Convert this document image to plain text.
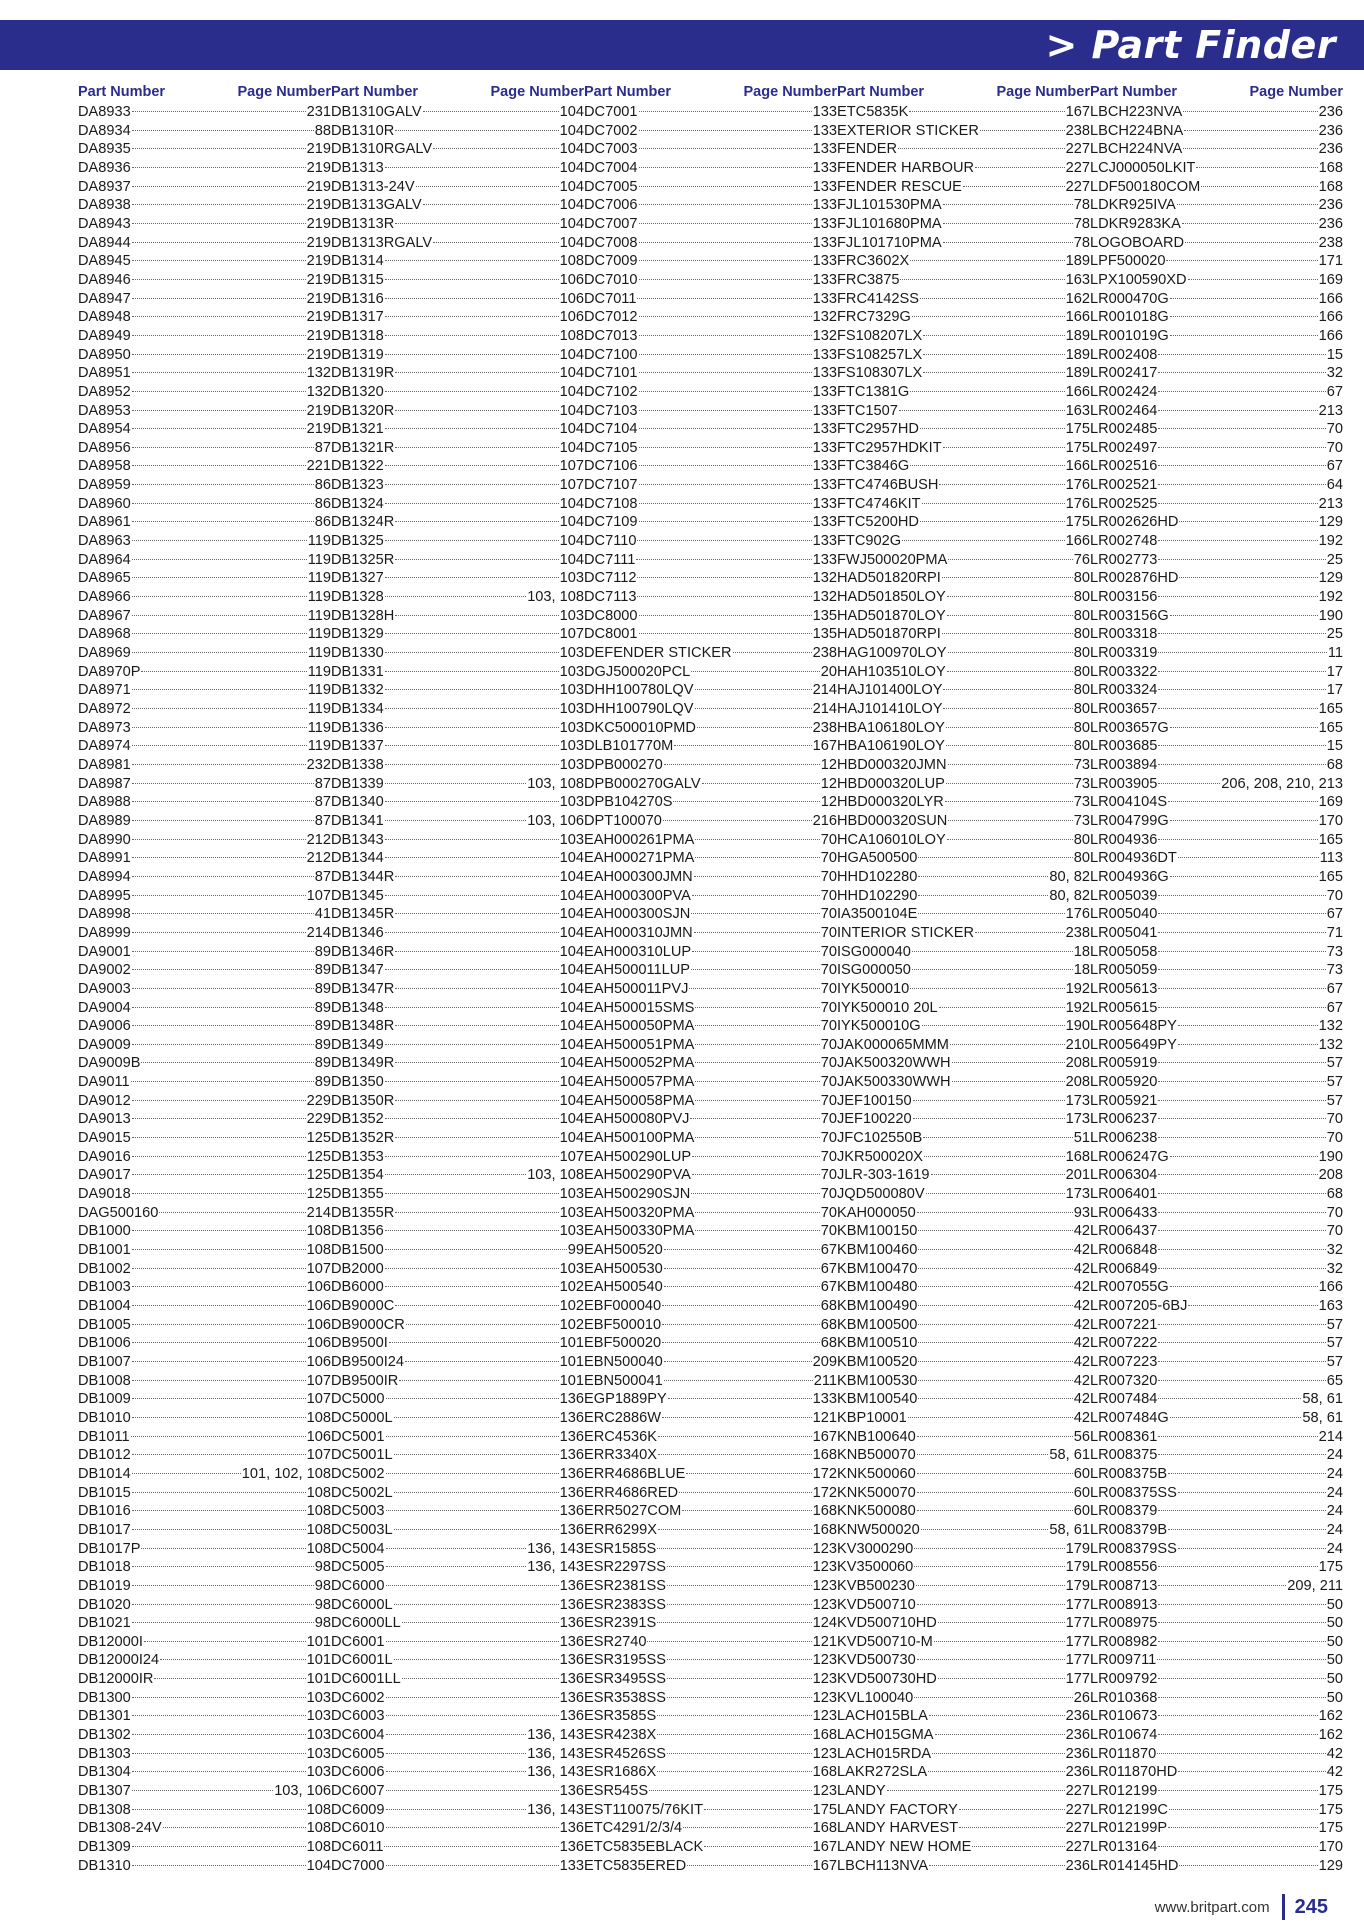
> Part Finder
Part Number	Page Number
DA8933	231
DA8934	88
DA8935	219
DA8936	219
DA8937	219
DA8938	219
DA8943	219
DA8944	219
DA8945	219
DA8946	219
DA8947	219
DA8948	219
DA8949	219
DA8950	219
DA8951	132
DA8952	132
DA8953	219
DA8954	219
DA8956	87
DA8958	221
DA8959	86
DA8960	86
DA8961	86
DA8963	119
DA8964	119
DA8965	119
DA8966	119
DA8967	119
DA8968	119
DA8969	119
DA8970P	119
DA8971	119
DA8972	119
DA8973	119
DA8974	119
DA8981	232
DA8987	87
DA8988	87
DA8989	87
DA8990	212
DA8991	212
DA8994	87
DA8995	107
DA8998	41
DA8999	214
DA9001	89
DA9002	89
DA9003	89
DA9004	89
DA9006	89
DA9009	89
DA9009B	89
DA9011	89
DA9012	229
DA9013	229
DA9015	125
DA9016	125
DA9017	125
DA9018	125
DAG500160	214
DB1000	108
DB1001	108
DB1002	107
DB1003	106
DB1004	106
DB1005	106
DB1006	106
DB1007	106
DB1008	107
DB1009	107
DB1010	108
DB1011	106
DB1012	107
DB1014	101, 102, 108
DB1015	108
DB1016	108
DB1017	108
DB1017P	108
DB1018	98
DB1019	98
DB1020	98
DB1021	98
DB12000I	101
DB12000I24	101
DB12000IR	101
DB1300	103
DB1301	103
DB1302	103
DB1303	103
DB1304	103
DB1307	103, 106
DB1308	108
DB1308-24V	108
DB1309	108
DB1310	104
Part Number	Page Number
DB1310GALV	104
DB1310R	104
DB1310RGALV	104
DB1313	104
DB1313-24V	104
DB1313GALV	104
DB1313R	104
DB1313RGALV	104
DB1314	108
DB1315	106
DB1316	106
DB1317	106
DB1318	108
DB1319	104
DB1319R	104
DB1320	104
DB1320R	104
DB1321	104
DB1321R	104
DB1322	107
DB1323	107
DB1324	104
DB1324R	104
DB1325	104
DB1325R	104
DB1327	103
DB1328	103, 108
DB1328H	103
DB1329	107
DB1330	103
DB1331	103
DB1332	103
DB1334	103
DB1336	103
DB1337	103
DB1338	103
DB1339	103, 108
DB1340	103
DB1341	103, 106
DB1343	103
DB1344	104
DB1344R	104
DB1345	104
DB1345R	104
DB1346	104
DB1346R	104
DB1347	104
DB1347R	104
DB1348	104
DB1348R	104
DB1349	104
DB1349R	104
DB1350	104
DB1350R	104
DB1352	104
DB1352R	104
DB1353	107
DB1354	103, 108
DB1355	103
DB1355R	103
DB1356	103
DB1500	99
DB2000	103
DB6000	102
DB9000C	102
DB9000CR	102
DB9500I	101
DB9500I24	101
DB9500IR	101
DC5000	136
DC5000L	136
DC5001	136
DC5001L	136
DC5002	136
DC5002L	136
DC5003	136
DC5003L	136
DC5004	136, 143
DC5005	136, 143
DC6000	136
DC6000L	136
DC6000LL	136
DC6001	136
DC6001L	136
DC6001LL	136
DC6002	136
DC6003	136
DC6004	136, 143
DC6005	136, 143
DC6006	136, 143
DC6007	136
DC6009	136, 143
DC6010	136
DC6011	136
DC7000	133
Part Number	Page Number
DC7001	133
DC7002	133
DC7003	133
DC7004	133
DC7005	133
DC7006	133
DC7007	133
DC7008	133
DC7009	133
DC7010	133
DC7011	133
DC7012	132
DC7013	132
DC7100	133
DC7101	133
DC7102	133
DC7103	133
DC7104	133
DC7105	133
DC7106	133
DC7107	133
DC7108	133
DC7109	133
DC7110	133
DC7111	133
DC7112	132
DC7113	132
DC8000	135
DC8001	135
DEFENDER STICKER	238
DGJ500020PCL	20
DHH100780LQV	214
DHH100790LQV	214
DKC500010PMD	238
DLB101770M	167
DPB000270	12
DPB000270GALV	12
DPB104270S	12
DPT100070	216
EAH000261PMA	70
EAH000271PMA	70
EAH000300JMN	70
EAH000300PVA	70
EAH000300SJN	70
EAH000310JMN	70
EAH000310LUP	70
EAH500011LUP	70
EAH500011PVJ	70
EAH500015SMS	70
EAH500050PMA	70
EAH500051PMA	70
EAH500052PMA	70
EAH500057PMA	70
EAH500058PMA	70
EAH500080PVJ	70
EAH500100PMA	70
EAH500290LUP	70
EAH500290PVA	70
EAH500290SJN	70
EAH500320PMA	70
EAH500330PMA	70
EAH500520	67
EAH500530	67
EAH500540	67
EBF000040	68
EBF500010	68
EBF500020	68
EBN500040	209
EBN500041	211
EGP1889PY	133
ERC2886W	121
ERC4536K	167
ERR3340X	168
ERR4686BLUE	172
ERR4686RED	172
ERR5027COM	168
ERR6299X	168
ESR1585S	123
ESR2297SS	123
ESR2381SS	123
ESR2383SS	123
ESR2391S	124
ESR2740	121
ESR3195SS	123
ESR3495SS	123
ESR3538SS	123
ESR3585S	123
ESR4238X	168
ESR4526SS	123
ESR1686X	168
ESR545S	123
EST110075/76KIT	175
ETC4291/2/3/4	168
ETC5835EBLACK	167
ETC5835ERED	167
Part Number	Page Number
ETC5835K	167
EXTERIOR STICKER	238
FENDER	227
FENDER HARBOUR	227
FENDER RESCUE	227
FJL101530PMA	78
FJL101680PMA	78
FJL101710PMA	78
FRC3602X	189
FRC3875	163
FRC4142SS	162
FRC7329G	166
FS108207LX	189
FS108257LX	189
FS108307LX	189
FTC1381G	166
FTC1507	163
FTC2957HD	175
FTC2957HDKIT	175
FTC3846G	166
FTC4746BUSH	176
FTC4746KIT	176
FTC5200HD	175
FTC902G	166
FWJ500020PMA	76
HAD501820RPI	80
HAD501850LOY	80
HAD501870LOY	80
HAD501870RPI	80
HAG100970LOY	80
HAH103510LOY	80
HAJ101400LOY	80
HAJ101410LOY	80
HBA106180LOY	80
HBA106190LOY	80
HBD000320JMN	73
HBD000320LUP	73
HBD000320LYR	73
HBD000320SUN	73
HCA106010LOY	80
HGA500500	80
HHD102280	80, 82
HHD102290	80, 82
IA3500104E	176
INTERIOR STICKER	238
ISG000040	18
ISG000050	18
IYK500010	192
IYK500010 20L	192
IYK500010G	190
JAK000065MMM	210
JAK500320WWH	208
JAK500330WWH	208
JEF100150	173
JEF100220	173
JFC102550B	51
JKR500020X	168
JLR-303-1619	201
JQD500080V	173
KAH000050	93
KBM100150	42
KBM100460	42
KBM100470	42
KBM100480	42
KBM100490	42
KBM100500	42
KBM100510	42
KBM100520	42
KBM100530	42
KBM100540	42
KBP10001	42
KNB100640	56
KNB500070	58, 61
KNK500060	60
KNK500070	60
KNK500080	60
KNW500020	58, 61
KV3000290	179
KV3500060	179
KVB500230	179
KVD500710	177
KVD500710HD	177
KVD500710-M	177
KVD500730	177
KVD500730HD	177
KVL100040	26
LACH015BLA	236
LACH015GMA	236
LACH015RDA	236
LAKR272SLA	236
LANDY	227
LANDY FACTORY	227
LANDY HARVEST	227
LANDY NEW HOME	227
LBCH113NVA	236
Part Number	Page Number
LBCH223NVA	236
LBCH224BNA	236
LBCH224NVA	236
LCJ000050LKIT	168
LDF500180COM	168
LDKR925IVA	236
LDKR9283KA	236
LOGOBOARD	238
LPF500020	171
LPX100590XD	169
LR000470G	166
LR001018G	166
LR001019G	166
LR002408	15
LR002417	32
LR002424	67
LR002464	213
LR002485	70
LR002497	70
LR002516	67
LR002521	64
LR002525	213
LR002626HD	129
LR002748	192
LR002773	25
LR002876HD	129
LR003156	192
LR003156G	190
LR003318	25
LR003319	11
LR003322	17
LR003324	17
LR003657	165
LR003657G	165
LR003685	15
LR003894	68
LR003905	206, 208, 210, 213
LR004104S	169
LR004799G	170
LR004936	165
LR004936DT	113
LR004936G	165
LR005039	70
LR005040	67
LR005041	71
LR005058	73
LR005059	73
LR005613	67
LR005615	67
LR005648PY	132
LR005649PY	132
LR005919	57
LR005920	57
LR005921	57
LR006237	70
LR006238	70
LR006247G	190
LR006304	208
LR006401	68
LR006433	70
LR006437	70
LR006848	32
LR006849	32
LR007055G	166
LR007205-6BJ	163
LR007221	57
LR007222	57
LR007223	57
LR007320	65
LR007484	58, 61
LR007484G	58, 61
LR008361	214
LR008375	24
LR008375B	24
LR008375SS	24
LR008379	24
LR008379B	24
LR008379SS	24
LR008556	175
LR008713	209, 211
LR008913	50
LR008975	50
LR008982	50
LR009711	50
LR009792	50
LR010368	50
LR010673	162
LR010674	162
LR011870	42
LR011870HD	42
LR012199	175
LR012199C	175
LR012199P	175
LR013164	170
LR014145HD	129
www.britpart.com 245
